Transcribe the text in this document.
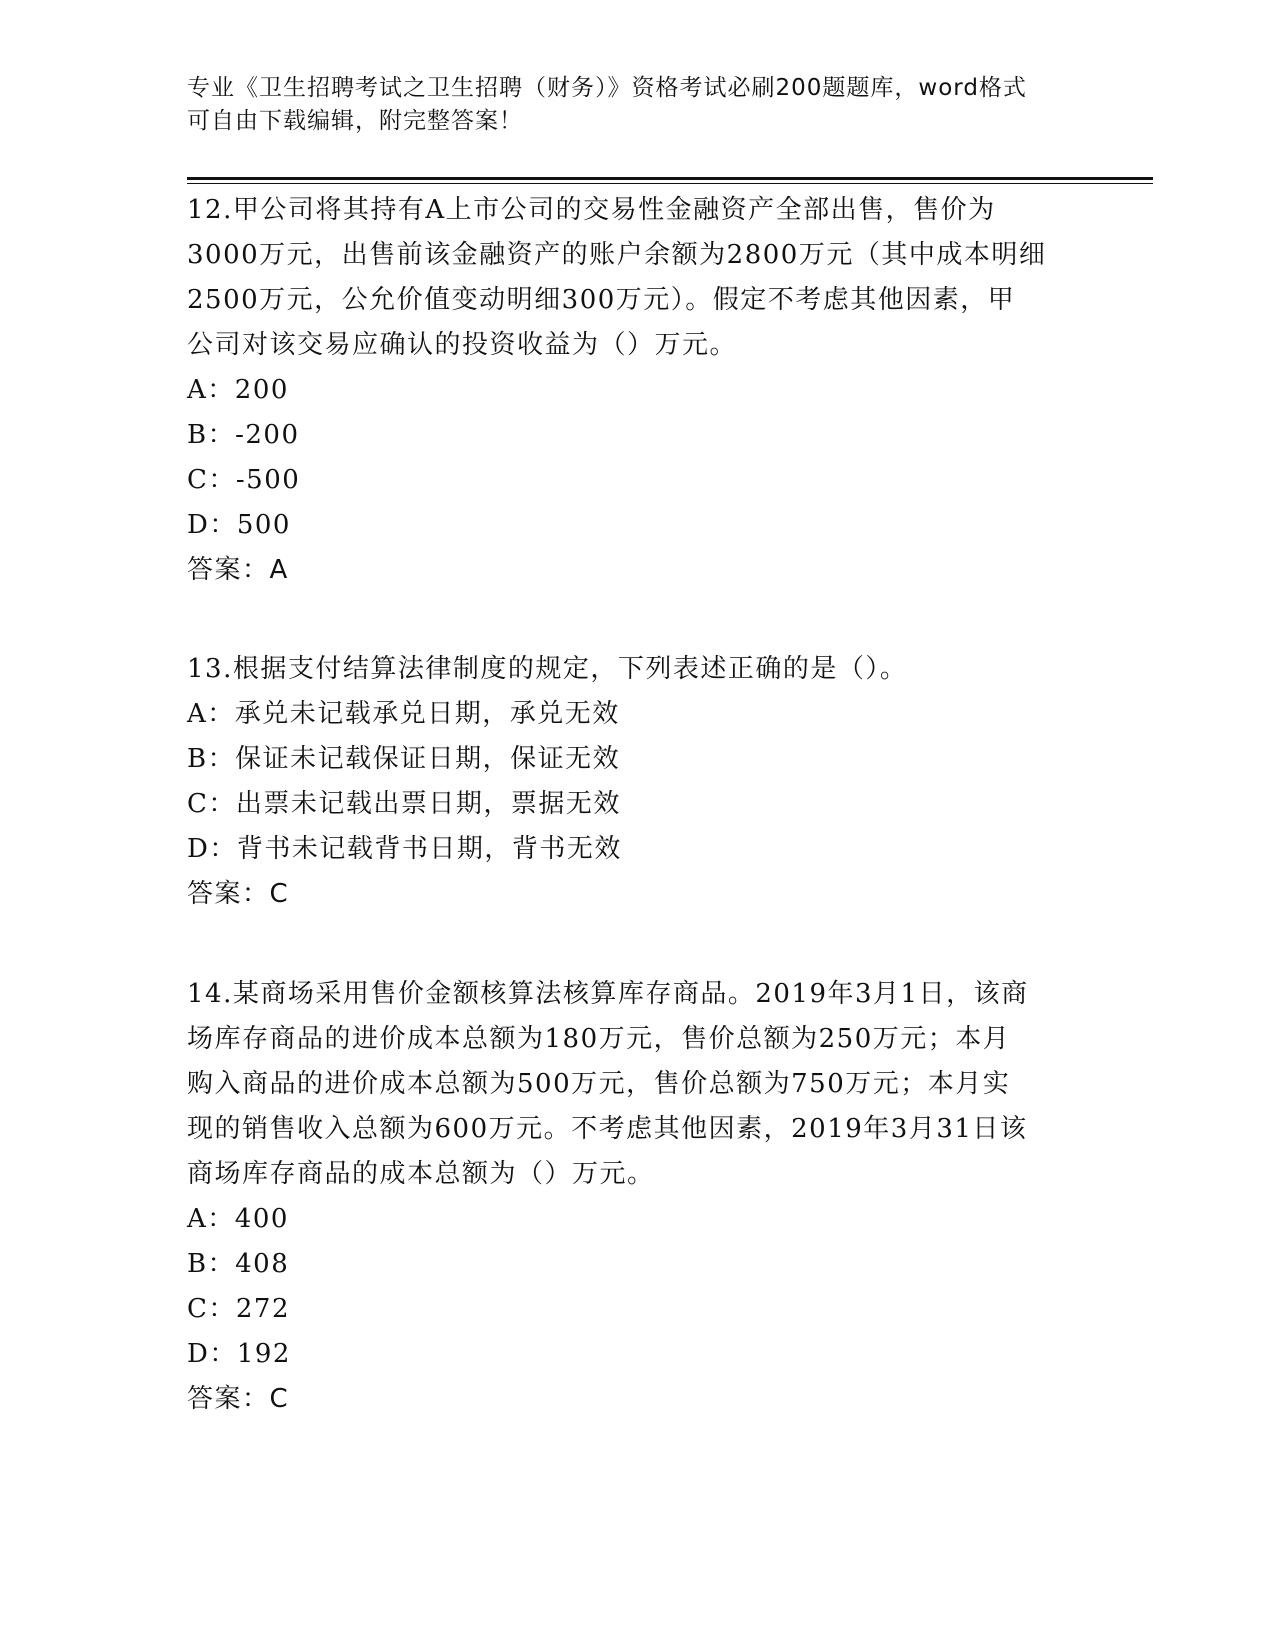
专业《卫生招聘考试之卫生招聘（财务）》资格考试必刷200题题库，word格式
可自由下载编辑，附完整答案！

12.甲公司将其持有A上市公司的交易性金融资产全部出售，售价为

3000万元，出售前该金融资产的账户余额为2800万元（其中成本明细

2500万元，公允价值变动明细300万元）。假定不考虑其他因素，甲

公司对该交易应确认的投资收益为（）万元。

A：200

B：-200

C：-500

D：500

答案：A

13.根据支付结算法律制度的规定，下列表述正确的是（）。

A：承兑未记载承兑日期，承兑无效

B：保证未记载保证日期，保证无效

C：出票未记载出票日期，票据无效

D：背书未记载背书日期，背书无效

答案：C

14.某商场采用售价金额核算法核算库存商品。2019年3月1日，该商

场库存商品的进价成本总额为180万元，售价总额为250万元；本月

购入商品的进价成本总额为500万元，售价总额为750万元；本月实

现的销售收入总额为600万元。不考虑其他因素，2019年3月31日该

商场库存商品的成本总额为（）万元。

A：400

B：408

C：272

D：192

答案：C
